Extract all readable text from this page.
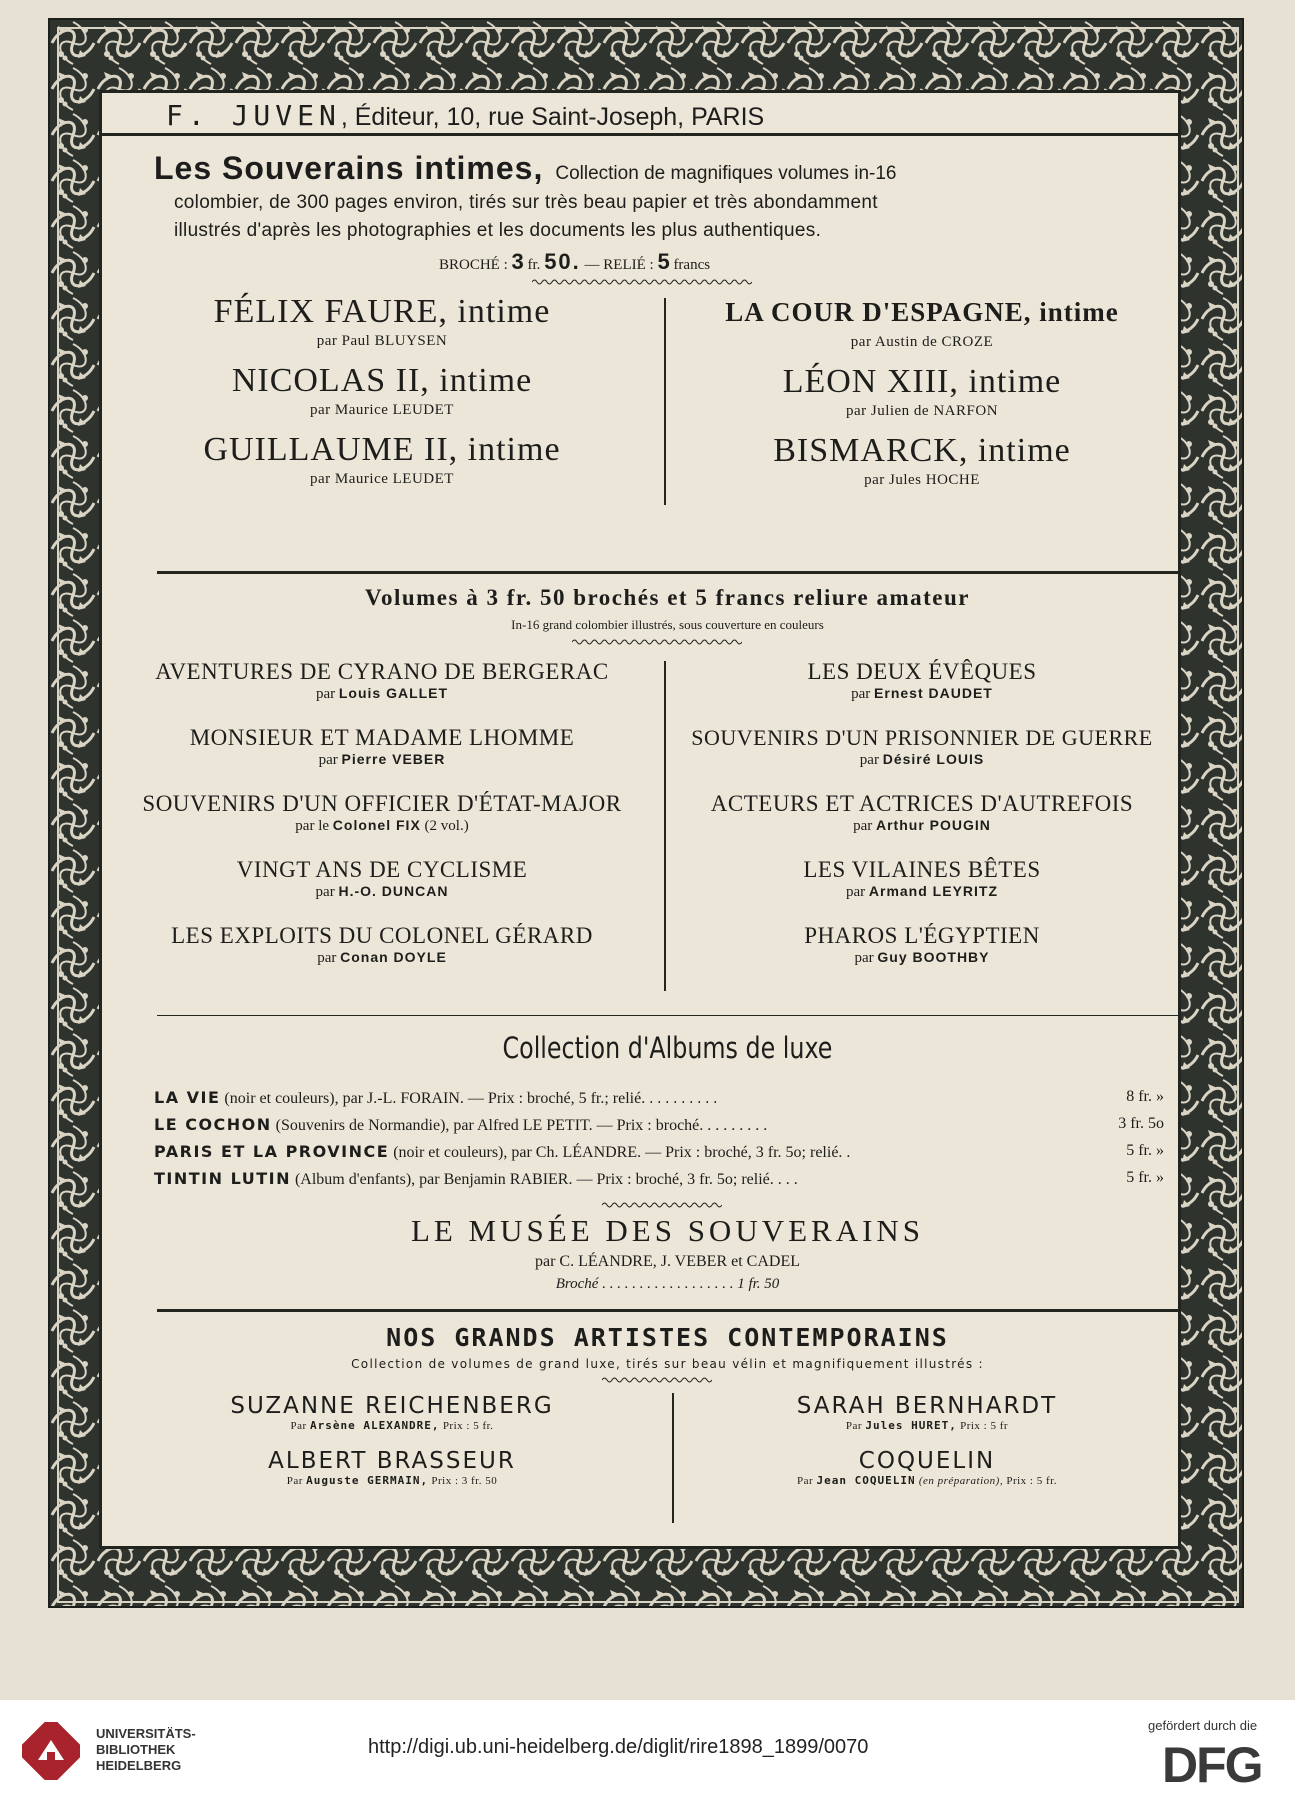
F. JUVEN, Éditeur, 10, rue Saint-Joseph, PARIS
Les Souverains intimes, Collection de magnifiques volumes in-16
colombier, de 300 pages environ, tirés sur très beau papier et très abondamment
illustrés d'après les photographies et les documents les plus authentiques.
BROCHÉ : 3 fr. 50. — RELIÉ : 5 francs
FÉLIX FAURE, intime
par Paul BLUYSEN
NICOLAS II, intime
par Maurice LEUDET
GUILLAUME II, intime
par Maurice LEUDET
LA COUR D'ESPAGNE, intime
par Austin de CROZE
LÉON XIII, intime
par Julien de NARFON
BISMARCK, intime
par Jules HOCHE
Volumes à 3 fr. 50 brochés et 5 francs reliure amateur
In-16 grand colombier illustrés, sous couverture en couleurs
AVENTURES DE CYRANO DE BERGERAC
par Louis GALLET
MONSIEUR ET MADAME LHOMME
par Pierre VEBER
SOUVENIRS D'UN OFFICIER D'ÉTAT-MAJOR
par le Colonel FIX (2 vol.)
VINGT ANS DE CYCLISME
par H.-O. DUNCAN
LES EXPLOITS DU COLONEL GÉRARD
par Conan DOYLE
LES DEUX ÉVÊQUES
par Ernest DAUDET
SOUVENIRS D'UN PRISONNIER DE GUERRE
par Désiré LOUIS
ACTEURS ET ACTRICES D'AUTREFOIS
par Arthur POUGIN
LES VILAINES BÊTES
par Armand LEYRITZ
PHAROS L'ÉGYPTIEN
par Guy BOOTHBY
Collection d'Albums de luxe
LA VIE (noir et couleurs), par J.-L. FORAIN. — Prix : broché, 5 fr.; relié. . . . . . . . . .	8 fr. »
LE COCHON (Souvenirs de Normandie), par Alfred LE PETIT. — Prix : broché. . . . . . . . .	3 fr. 5o
PARIS ET LA PROVINCE (noir et couleurs), par Ch. LÉANDRE. — Prix : broché, 3 fr. 5o; relié. .	5 fr. »
TINTIN LUTIN (Album d'enfants), par Benjamin RABIER. — Prix : broché, 3 fr. 5o; relié. . . .	5 fr. »
LE MUSÉE DES SOUVERAINS
par C. LÉANDRE, J. VEBER et CADEL
Broché . . . . . . . . . . . . . . . . . . 1 fr. 50
NOS GRANDS ARTISTES CONTEMPORAINS
Collection de volumes de grand luxe, tirés sur beau vélin et magnifiquement illustrés :
SUZANNE REICHENBERG
Par Arsène ALEXANDRE, Prix : 5 fr.
ALBERT BRASSEUR
Par Auguste GERMAIN, Prix : 3 fr. 50
SARAH BERNHARDT
Par Jules HURET, Prix : 5 fr
COQUELIN
Par Jean COQUELIN (en préparation), Prix : 5 fr.
UNIVERSITÄTS-
BIBLIOTHEK
HEIDELBERG
http://digi.ub.uni-heidelberg.de/diglit/rire1898_1899/0070
gefördert durch die
DFG
